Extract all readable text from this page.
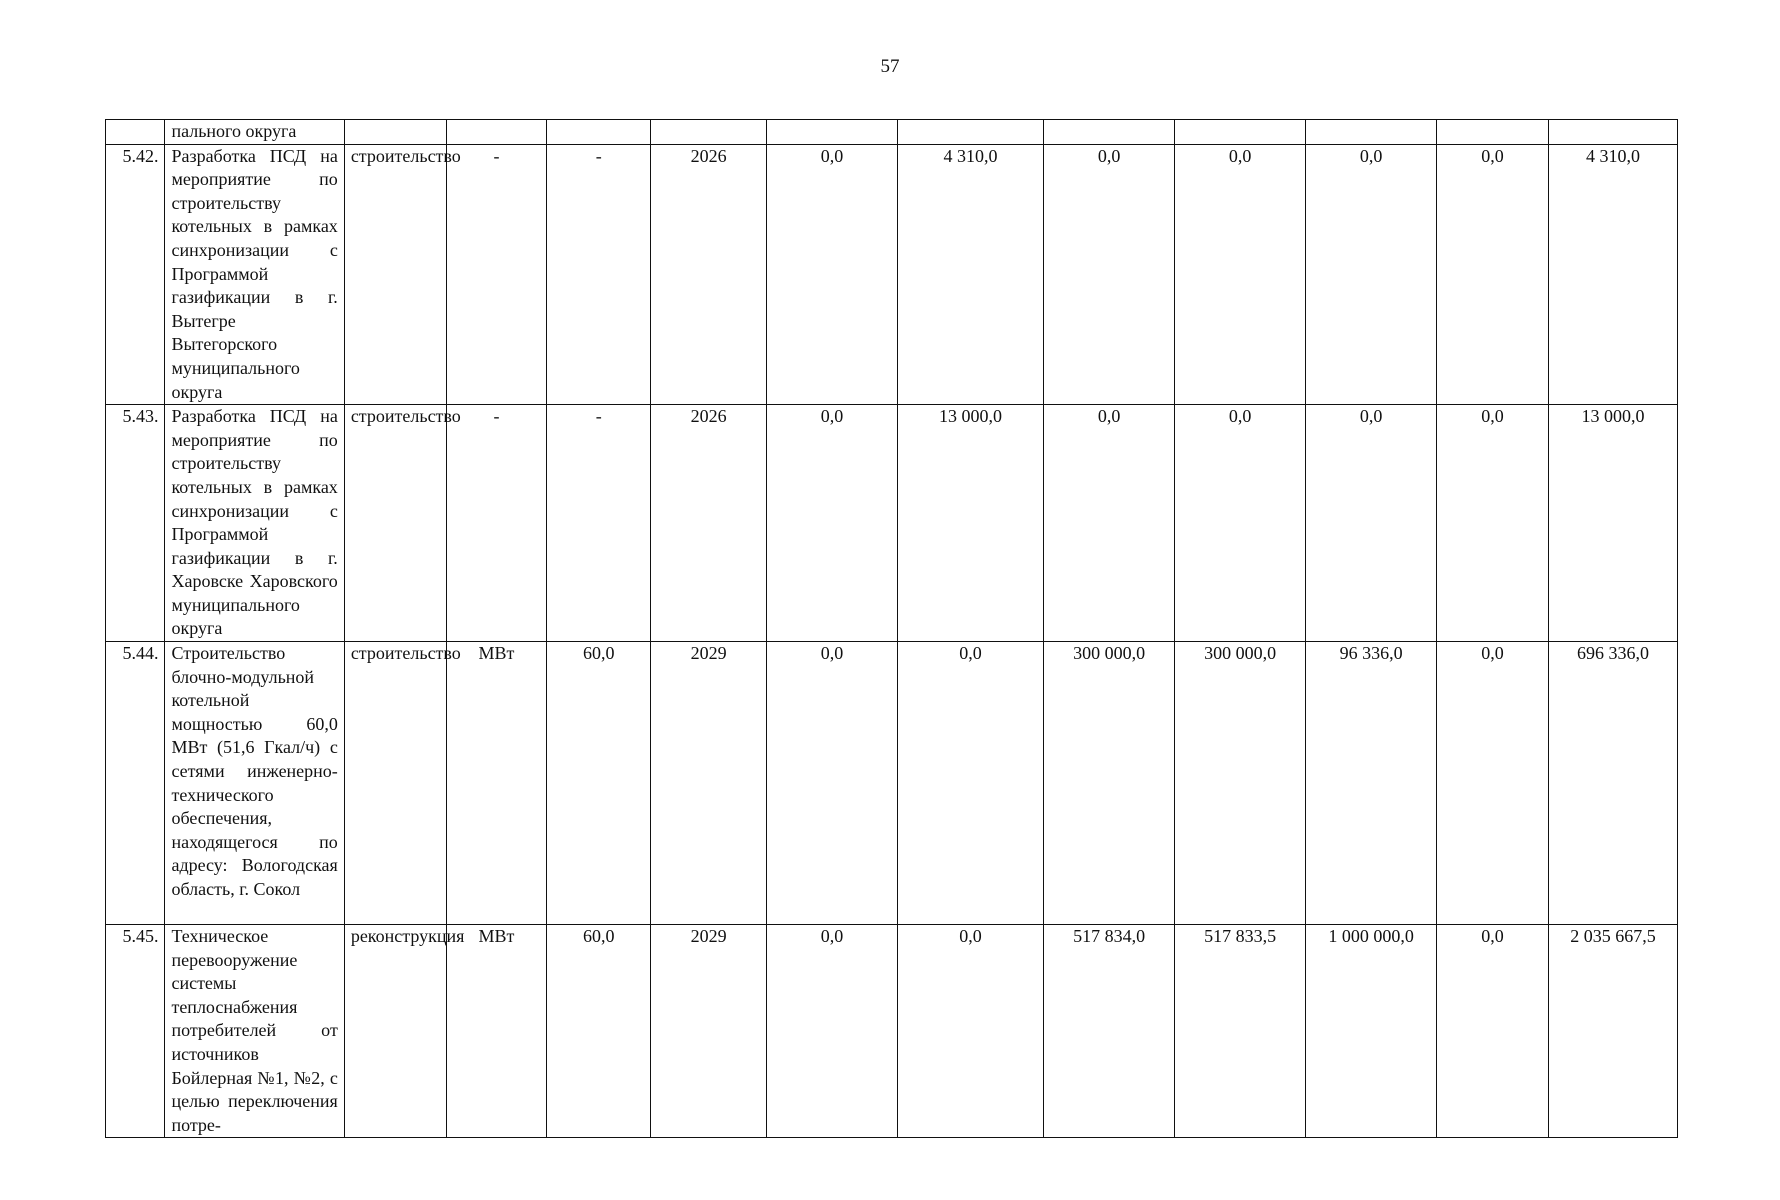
57
	пального округа											
5.42.	Разработка ПСД на мероприятие по строительству котельных в рамках синхронизации с Программой газификации в г. Вытегре Вытегорского муниципального округа	строительство	-	-	2026	0,0	4 310,0	0,0	0,0	0,0	0,0	4 310,0
5.43.	Разработка ПСД на мероприятие по строительству котельных в рамках синхронизации с Программой газификации в г. Харовске Харовского муниципального округа	строительство	-	-	2026	0,0	13 000,0	0,0	0,0	0,0	0,0	13 000,0
5.44.	Строительство блочно-модульной котельной мощностью 60,0 МВт (51,6 Гкал/ч) с сетями инженерно-технического обеспечения, находящегося по адресу: Вологодская область, г. Сокол	строительство	МВт	60,0	2029	0,0	0,0	300 000,0	300 000,0	96 336,0	0,0	696 336,0
5.45.	Техническое перевооружение системы теплоснабжения потребителей от источников Бойлерная №1, №2, с целью переключения потре-	реконструкция	МВт	60,0	2029	0,0	0,0	517 834,0	517 833,5	1 000 000,0	0,0	2 035 667,5
